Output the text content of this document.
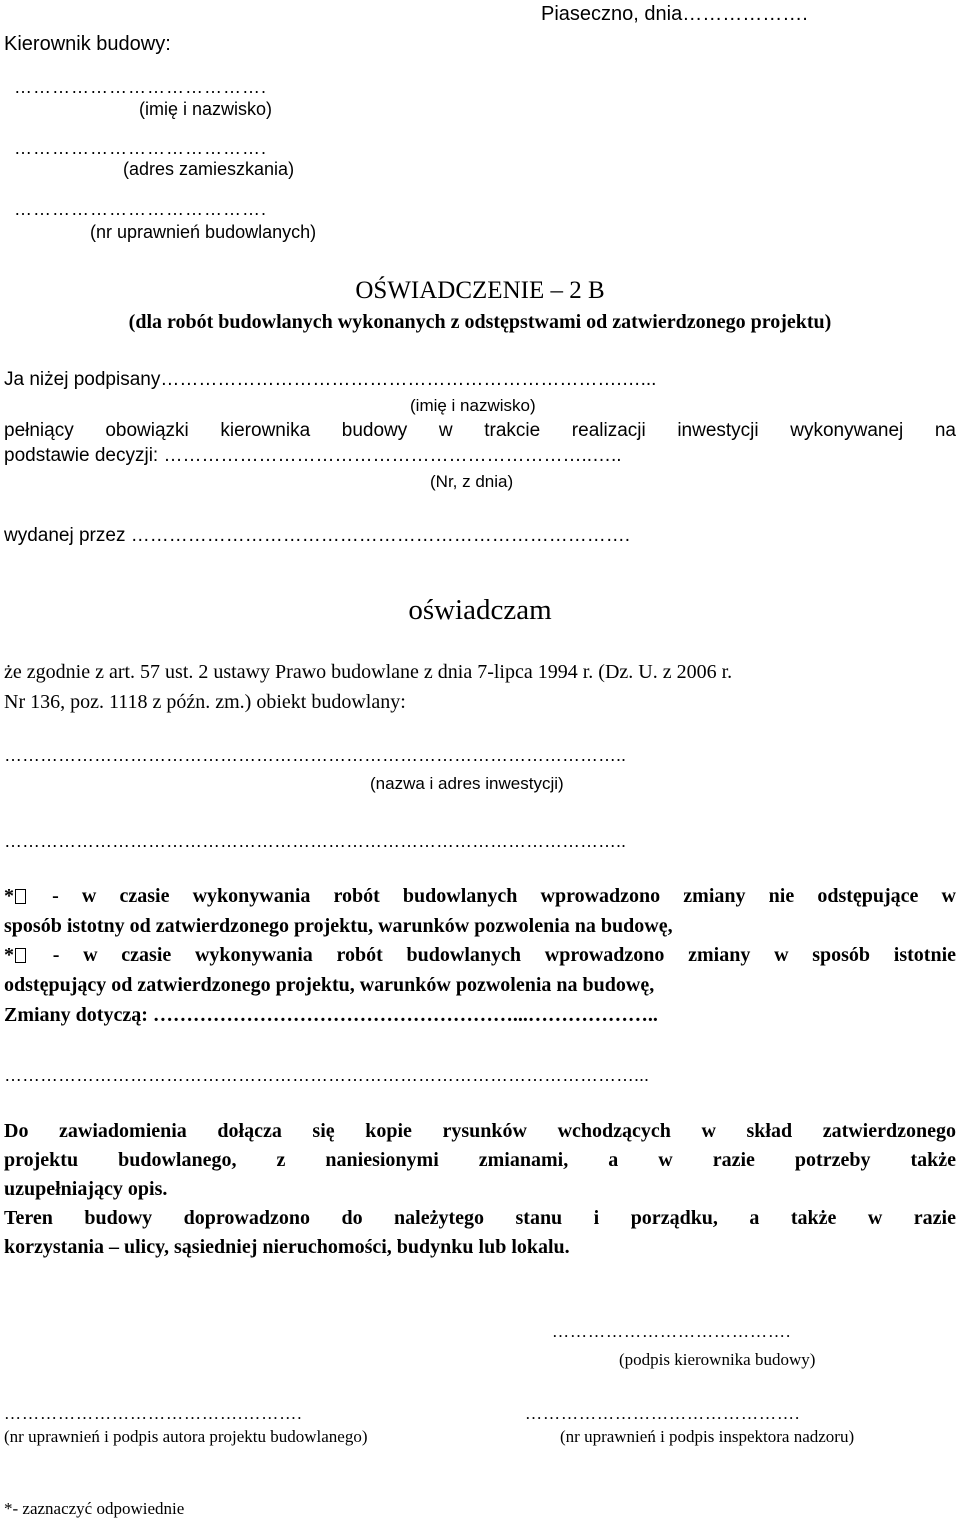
Kierownik budowy:
Piaseczno, dnia……………….
………………………………….
(imię i nazwisko)
………………………………….
(adres zamieszkania)
………………………………….
(nr uprawnień budowlanych)
OŚWIADCZENIE – 2 B
(dla robót budowlanych wykonanych z odstępstwami od zatwierdzonego projektu)
Ja niżej podpisany……………………………………………………………….…...
(imię i nazwisko)
pełniący obowiązki kierownika budowy w trakcie realizacji inwestycji wykonywanej na
podstawie decyzji: …………………………………………………………..…..
(Nr, z dnia)
wydanej przez …………………………………………………………………….
oświadczam
że zgodnie z art. 57 ust. 2 ustawy Prawo budowlane z dnia 7-lipca 1994 r. (Dz. U. z 2006 r.
Nr 136, poz. 1118 z późn. zm.) obiekt budowlany:
…………………………………………………………………………………………..
(nazwa i adres inwestycji)
…………………………………………………………………………………………..
* - w czasie wykonywania robót budowlanych wprowadzono zmiany nie odstępujące w
sposób istotny od zatwierdzonego projektu, warunków pozwolenia na budowę,
* - w czasie wykonywania robót budowlanych wprowadzono zmiany w sposób istotnie
odstępujący od zatwierdzonego projektu, warunków pozwolenia na budowę,
Zmiany dotyczą: ………………………………………………...………………..
……………………………………………………………………………………………...
Do zawiadomienia dołącza się kopie rysunków wchodzących w skład zatwierdzonego
projektu budowlanego, z naniesionymi zmianami, a w razie potrzeby także
uzupełniający opis.
Teren budowy doprowadzono do należytego stanu i porządku, a także w razie
korzystania – ulicy, sąsiedniej nieruchomości, budynku lub lokalu.
………………………………….
(podpis kierownika budowy)
………………………………….……….
(nr uprawnień i podpis autora projektu budowlanego)
……………………………………….
(nr uprawnień i podpis inspektora nadzoru)
*- zaznaczyć odpowiednie
